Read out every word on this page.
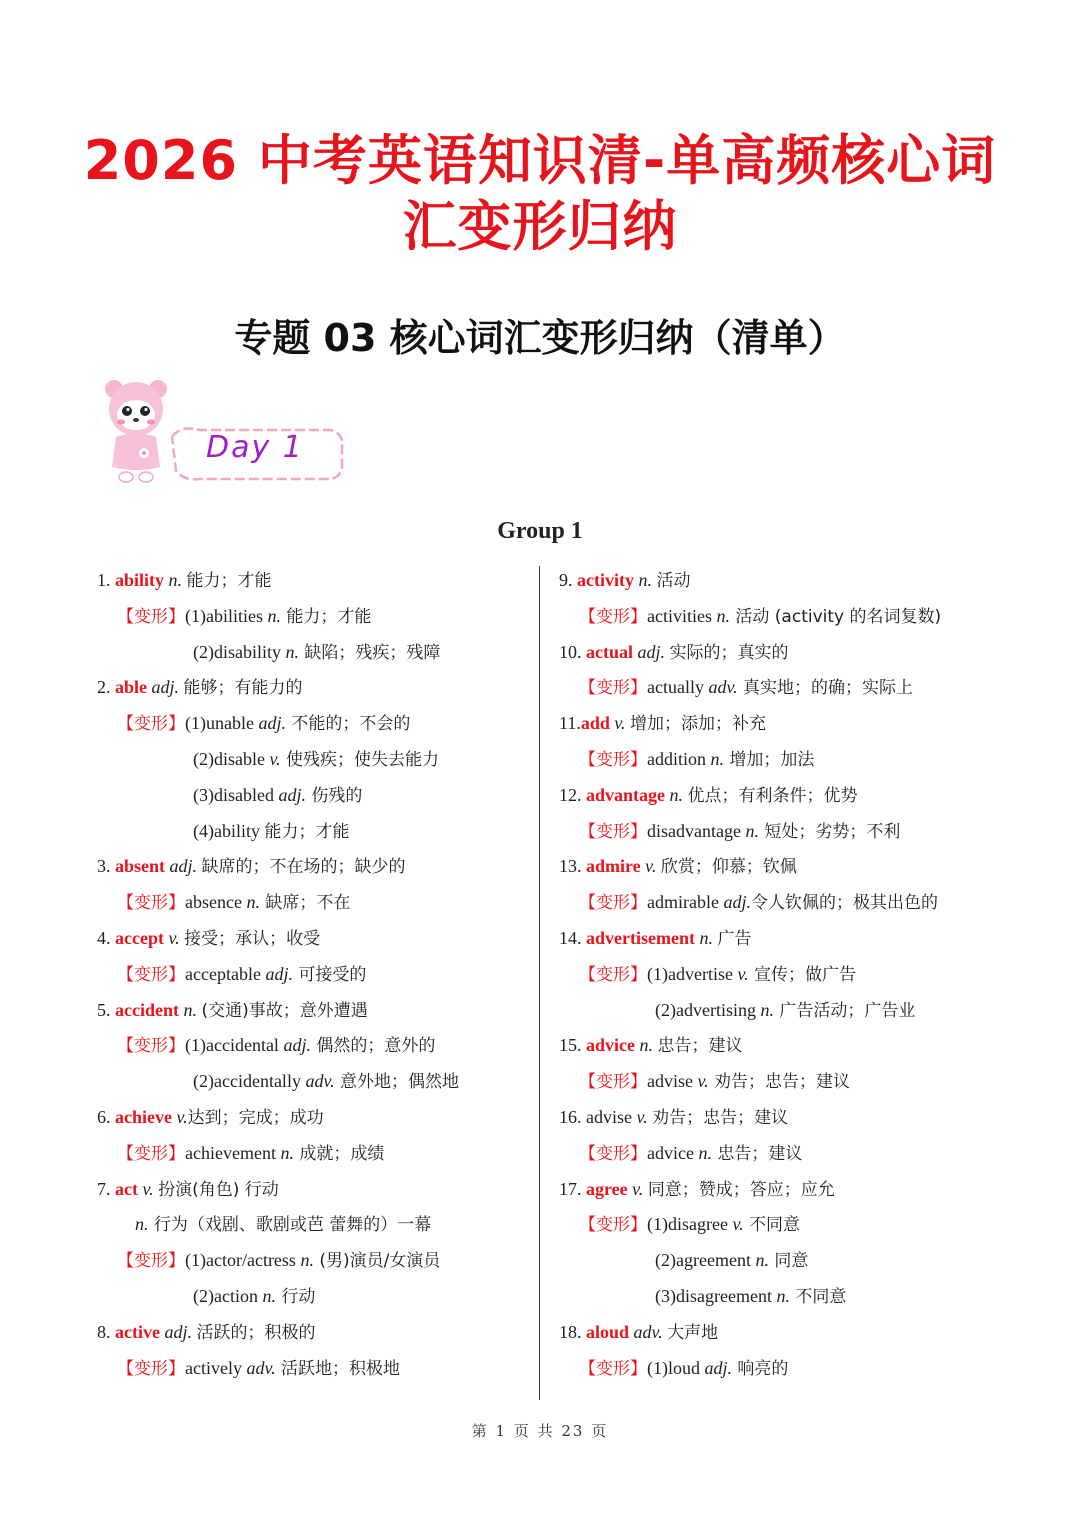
2026 中考英语知识清-单高频核心词
汇变形归纳
专题 03 核心词汇变形归纳（清单）
Day 1
Group 1
1. ability n. 能力；才能
【变形】(1)abilities n. 能力；才能
(2)disability n. 缺陷；残疾；残障
2. able adj. 能够；有能力的
【变形】(1)unable adj. 不能的；不会的
(2)disable v. 使残疾；使失去能力
(3)disabled adj. 伤残的
(4)ability 能力；才能
3. absent adj. 缺席的；不在场的；缺少的
【变形】absence n. 缺席；不在
4. accept v. 接受；承认；收受
【变形】acceptable adj. 可接受的
5. accident n. (交通)事故；意外遭遇
【变形】(1)accidental adj. 偶然的；意外的
(2)accidentally adv. 意外地；偶然地
6. achieve v.达到；完成；成功
【变形】achievement n. 成就；成绩
7. act v. 扮演(角色) 行动
n. 行为（戏剧、歌剧或芭 蕾舞的）一幕
【变形】(1)actor/actress n. (男)演员/女演员
(2)action n. 行动
8. active adj. 活跃的；积极的
【变形】actively adv. 活跃地；积极地
9. activity n. 活动
【变形】activities n. 活动 (activity 的名词复数)
10. actual adj. 实际的；真实的
【变形】actually adv. 真实地；的确；实际上
11.add v. 增加；添加；补充
【变形】addition n. 增加；加法
12. advantage n. 优点；有利条件；优势
【变形】disadvantage n. 短处；劣势；不利
13. admire v. 欣赏；仰慕；钦佩
【变形】admirable adj.令人钦佩的；极其出色的
14. advertisement n. 广告
【变形】(1)advertise v. 宣传；做广告
(2)advertising n. 广告活动；广告业
15. advice n. 忠告；建议
【变形】advise v. 劝告；忠告；建议
16. advise v. 劝告；忠告；建议
【变形】advice n. 忠告；建议
17. agree v. 同意；赞成；答应；应允
【变形】(1)disagree v. 不同意
(2)agreement n. 同意
(3)disagreement n. 不同意
18. aloud adv. 大声地
【变形】(1)loud adj. 响亮的
第 1 页 共 23 页
